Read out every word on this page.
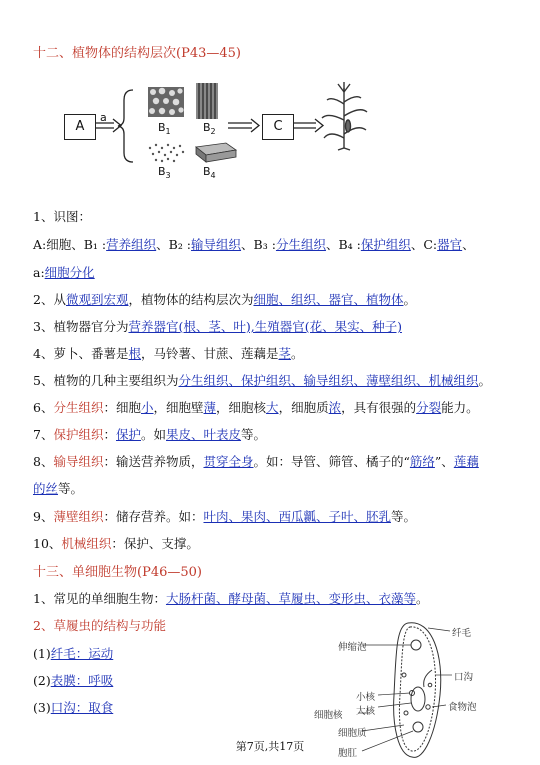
十二、植物体的结构层次(P43—45)
A
a
C
$B_1$	$B_2$
$B_3$	$B_4$
1、识图：
A:细胞、B₁ :营养组织、B₂ :输导组织、B₃ :分生组织、B₄ :保护组织、C:器官、
a:细胞分化
2、从微观到宏观，植物体的结构层次为细胞、组织、器官、植物体。
3、植物器官分为营养器官(根、茎、叶),生殖器官(花、果实、种子)
4、萝卜、番薯是根，马铃薯、甘蔗、莲藕是茎。
5、植物的几种主要组织为分生组织、保护组织、输导组织、薄壁组织、机械组织。
6、分生组织：细胞小，细胞壁薄，细胞核大，细胞质浓，具有很强的分裂能力。
7、保护组织：保护。如果皮、叶表皮等。
8、输导组织：输送营养物质，贯穿全身。如：导管、筛管、橘子的“筋络”、莲藕
的丝等。
9、薄壁组织：储存营养。如：叶肉、果肉、西瓜瓤、子叶、胚乳等。
10、机械组织：保护、支撑。
十三、单细胞生物(P46—50)
1、常见的单细胞生物：大肠杆菌、酵母菌、草履虫、变形虫、衣藻等。
2、草履虫的结构与功能
(1)纤毛：运动
(2)表膜：呼吸
(3)口沟：取食
纤毛
伸缩泡
口沟
食物泡
小核
大核
细胞核
细胞质
胞肛
第7页,共17页
